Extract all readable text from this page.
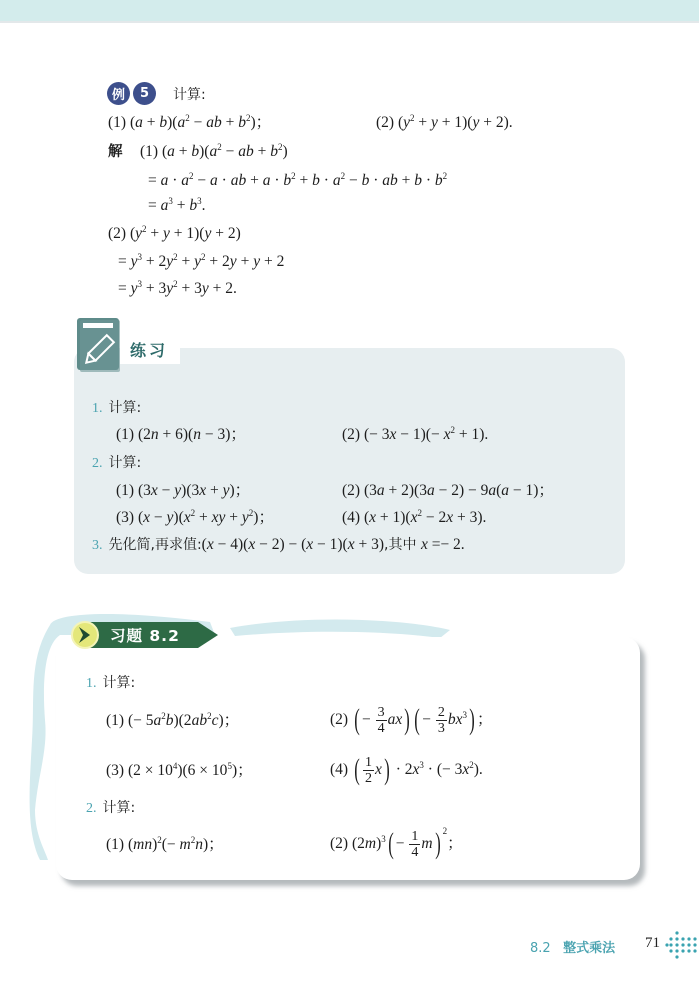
例	5	计算:
(1) $(a + b)(a^2$ − ab + $b^2$)；	(2) $(y^2 + y + 1)(y + 2)$.
解 (1) $(a + b)(a^2$ − ab + $b^2$)
= $a \cdot a^2 - a$ · ab + $a \cdot b^2 + b \cdot a^2 - b$ · ab + $b \cdot b^2$
= $a^3 + b^3$.
(2) $(y^2 + y + 1)(y + 2)$
= $y^3 + 2y^2 + y^2 + 2y + y + 2$
= $y^3 + 3y^2 + 3y + 2$.
练习
1. 计算:
(1) (2n + 6)(n − 3)；	(2) (− $3x - 1)(- x^2 + 1)$.
2. 计算:
(1) (3x − y)(3x + y)；	(2) (3a + 2)(3a − 2) − 9a(a − 1)；
(3) $(x - y)(x^2$ + xy + $y^2$)；	(4) $(x + 1)(x^2 - 2x + 3)$.
3. 先化简,再求值:(x − 4)(x − 2) − (x − 1)(x + 3),其中 x =− 2.
习题 8.2
1. 计算:
(1) (− $5a^2b)(2ab^2c)$；	(2) ( − $\frac{3}{4} ax$) ( − $\frac{2}{3} bx^3$) ；
(3) $(2 \times 10^4)(6 \times 10^5)$；	(4) ( $\frac{1}{2} x) \cdot 2x^3$ · (− $3x^2$).
2. 计算:
(1) $(mn)^2(- m^2n)$；	(2) $(2m)^3( - \frac{1}{4} m)$ $^2$；
8.2 整式乘法 71
